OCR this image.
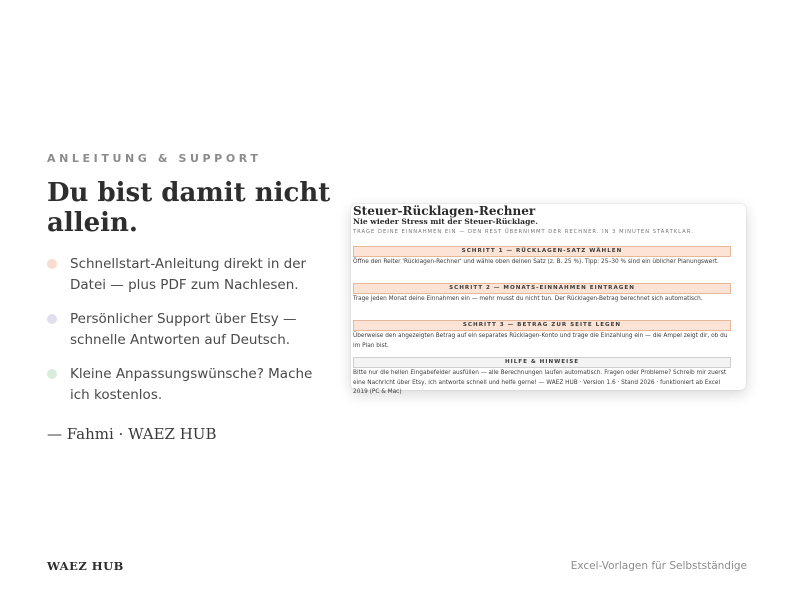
ANLEITUNG & SUPPORT
Du bist damit nicht allein.
Schnellstart-Anleitung direkt in der Datei — plus PDF zum Nachlesen.
Persönlicher Support über Etsy — schnelle Antworten auf Deutsch.
Kleine Anpassungswünsche? Mache ich kostenlos.
— Fahmi · WAEZ HUB
Steuer-Rücklagen-Rechner
Nie wieder Stress mit der Steuer-Rücklage.
TRAGE DEINE EINNAHMEN EIN — DEN REST ÜBERNIMMT DER RECHNER. IN 3 MINUTEN STARTKLAR.
SCHRITT 1 — RÜCKLAGEN-SATZ WÄHLEN
Öffne den Reiter 'Rücklagen-Rechner' und wähle oben deinen Satz (z. B. 25 %). Tipp: 25–30 % sind ein üblicher Planungswert.
SCHRITT 2 — MONATS-EINNAHMEN EINTRAGEN
Trage jeden Monat deine Einnahmen ein — mehr musst du nicht tun. Der Rücklagen-Betrag berechnet sich automatisch.
SCHRITT 3 — BETRAG ZUR SEITE LEGEN
Überweise den angezeigten Betrag auf ein separates Rücklagen-Konto und trage die Einzahlung ein — die Ampel zeigt dir, ob du im Plan bist.
HILFE & HINWEISE
Bitte nur die hellen Eingabefelder ausfüllen — alle Berechnungen laufen automatisch. Fragen oder Probleme? Schreib mir zuerst eine Nachricht über Etsy, ich antworte schnell und helfe gerne! — WAEZ HUB · Version 1.6 · Stand 2026 · funktioniert ab Excel 2019 (PC & Mac)
WAEZ HUB	Excel-Vorlagen für Selbstständige
